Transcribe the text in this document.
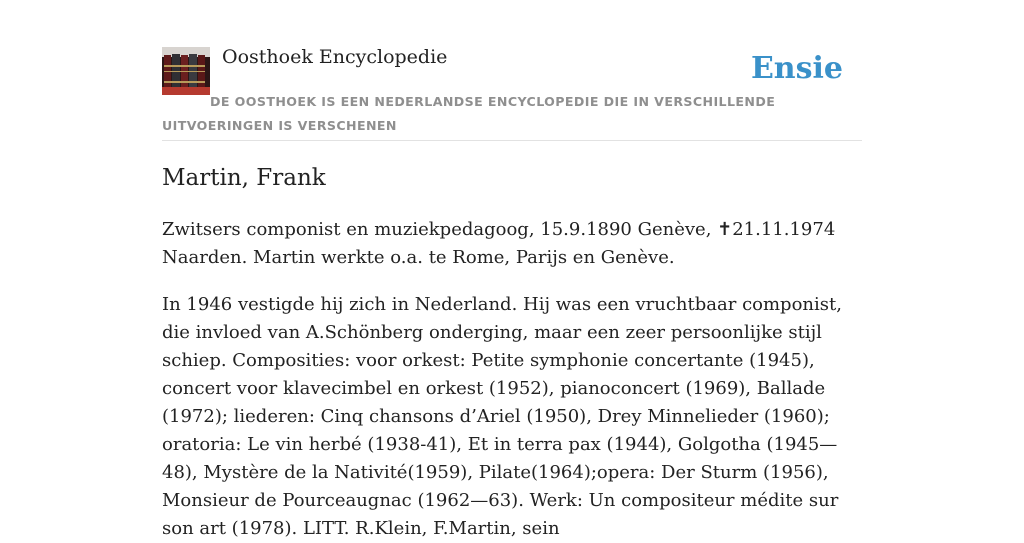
Oosthoek Encyclopedie	Ensie
DE OOSTHOEK IS EEN NEDERLANDSE ENCYCLOPEDIE DIE IN VERSCHILLENDE UITVOERINGEN IS VERSCHENEN
Martin, Frank

Zwitsers componist en muziekpedagoog, 15.9.1890 Genève, ✝21.11.1974 Naarden. Martin werkte o.a. te Rome, Parijs en Genève.

In 1946 vestigde hij zich in Nederland. Hij was een vruchtbaar componist, die invloed van A.Schönberg onderging, maar een zeer persoonlijke stijl schiep. Composities: voor orkest: Petite symphonie concertante (1945), concert voor klavecimbel en orkest (1952), pianoconcert (1969), Ballade (1972); liederen: Cinq chansons d’Ariel (1950), Drey Minnelieder (1960); oratoria: Le vin herbé (1938-41), Et in terra pax (1944), Golgotha (1945—48), Mystère de la Nativité(1959), Pilate(1964);opera: Der Sturm (1956), Monsieur de Pourceaugnac (1962—63). Werk: Un compositeur médite sur son art (1978). LITT. R.Klein, F.Martin, sein
